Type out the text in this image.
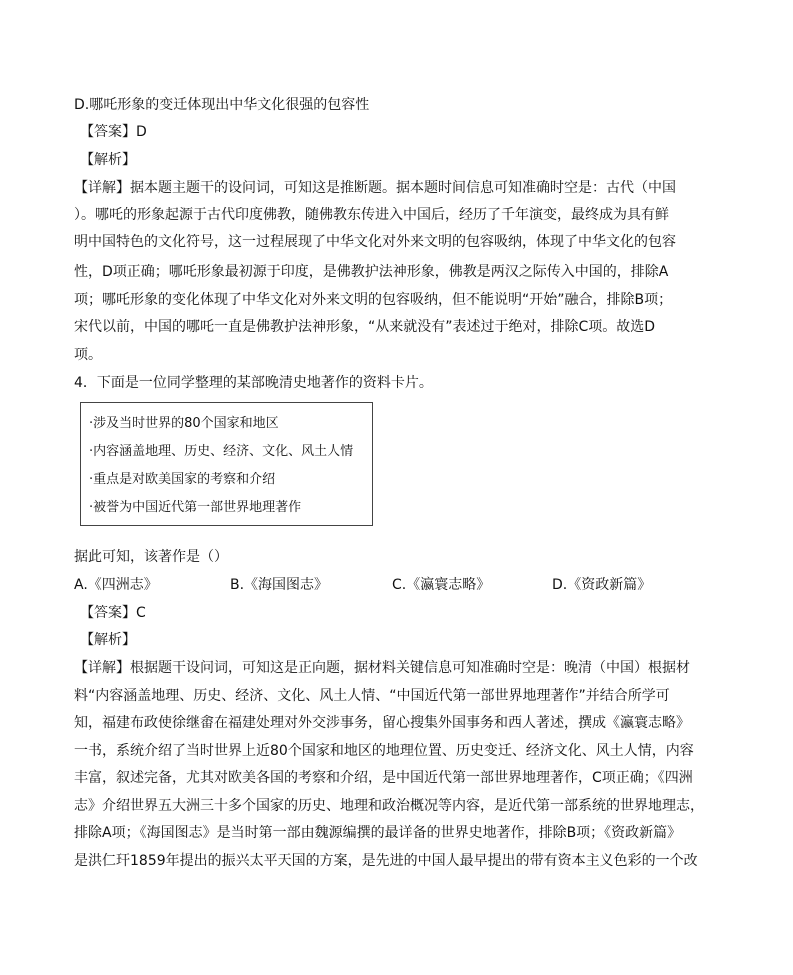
D.哪吒形象的变迁体现出中华文化很强的包容性
【答案】D
【解析】
【详解】据本题主题干的设问词，可知这是推断题。据本题时间信息可知准确时空是：古代（中国
）。哪吒的形象起源于古代印度佛教，随佛教东传进入中国后，经历了千年演变，最终成为具有鲜
明中国特色的文化符号，这一过程展现了中华文化对外来文明的包容吸纳，体现了中华文化的包容
性，D项正确；哪吒形象最初源于印度，是佛教护法神形象，佛教是两汉之际传入中国的，排除A
项；哪吒形象的变化体现了中华文化对外来文明的包容吸纳，但不能说明“开始”融合，排除B项；
宋代以前，中国的哪吒一直是佛教护法神形象，“从来就没有”表述过于绝对，排除C项。故选D
项。
4．下面是一位同学整理的某部晚清史地著作的资料卡片。
·涉及当时世界的80个国家和地区
·内容涵盖地理、历史、经济、文化、风土人情
·重点是对欧美国家的考察和介绍
·被誉为中国近代第一部世界地理著作
据此可知，该著作是（）
A.《四洲志》	B.《海国图志》	C.《瀛寰志略》	D.《资政新篇》
【答案】C
【解析】
【详解】根据题干设问词，可知这是正向题，据材料关键信息可知准确时空是：晚清（中国）根据材
料“内容涵盖地理、历史、经济、文化、风土人情、“中国近代第一部世界地理著作”并结合所学可
知，福建布政使徐继畬在福建处理对外交涉事务，留心搜集外国事务和西人著述，撰成《瀛寰志略》
一书，系统介绍了当时世界上近80个国家和地区的地理位置、历史变迁、经济文化、风土人情，内容
丰富，叙述完备，尤其对欧美各国的考察和介绍，是中国近代第一部世界地理著作，C项正确；《四洲
志》介绍世界五大洲三十多个国家的历史、地理和政治概况等内容，是近代第一部系统的世界地理志，
排除A项；《海国图志》是当时第一部由魏源编撰的最详备的世界史地著作，排除B项；《资政新篇》
是洪仁玕1859年提出的振兴太平天国的方案，是先进的中国人最早提出的带有资本主义色彩的一个改
